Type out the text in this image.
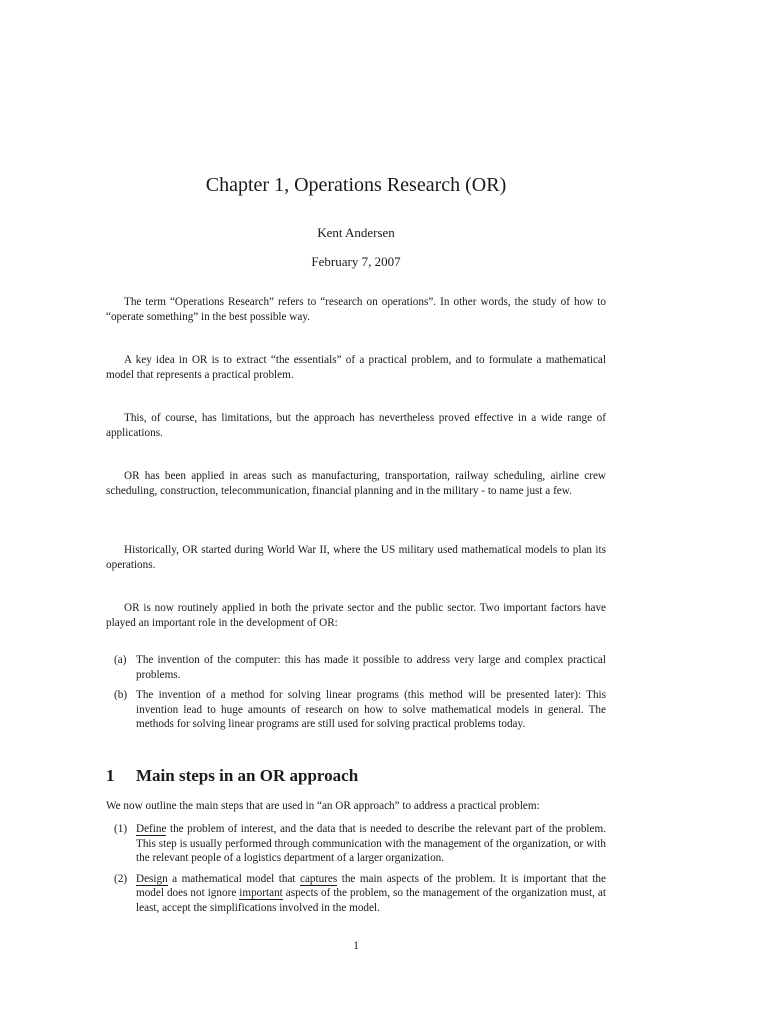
Chapter 1, Operations Research (OR)

Kent Andersen

February 7, 2007

The term “Operations Research” refers to “research on operations”. In other words, the study of how to “operate something” in the best possible way.

A key idea in OR is to extract “the essentials” of a practical problem, and to formulate a mathematical model that represents a practical problem.

This, of course, has limitations, but the approach has nevertheless proved effective in a wide range of applications.

OR has been applied in areas such as manufacturing, transportation, railway scheduling, airline crew scheduling, construction, telecommunication, financial planning and in the military - to name just a few.

Historically, OR started during World War II, where the US military used mathematical models to plan its operations.

OR is now routinely applied in both the private sector and the public sector. Two important factors have played an important role in the development of OR:

(a) The invention of the computer: this has made it possible to address very large and complex practical problems.
(b) The invention of a method for solving linear programs (this method will be presented later): This invention lead to huge amounts of research on how to solve mathematical models in general. The methods for solving linear programs are still used for solving practical problems today.
1 Main steps in an OR approach

We now outline the main steps that are used in “an OR approach” to address a practical problem:

(1) Define the problem of interest, and the data that is needed to describe the relevant part of the problem. This step is usually performed through communication with the management of the organization, or with the relevant people of a logistics department of a larger organization.
(2) Design a mathematical model that captures the main aspects of the problem. It is important that the model does not ignore important aspects of the problem, so the management of the organization must, at least, accept the simplifications involved in the model.

1
